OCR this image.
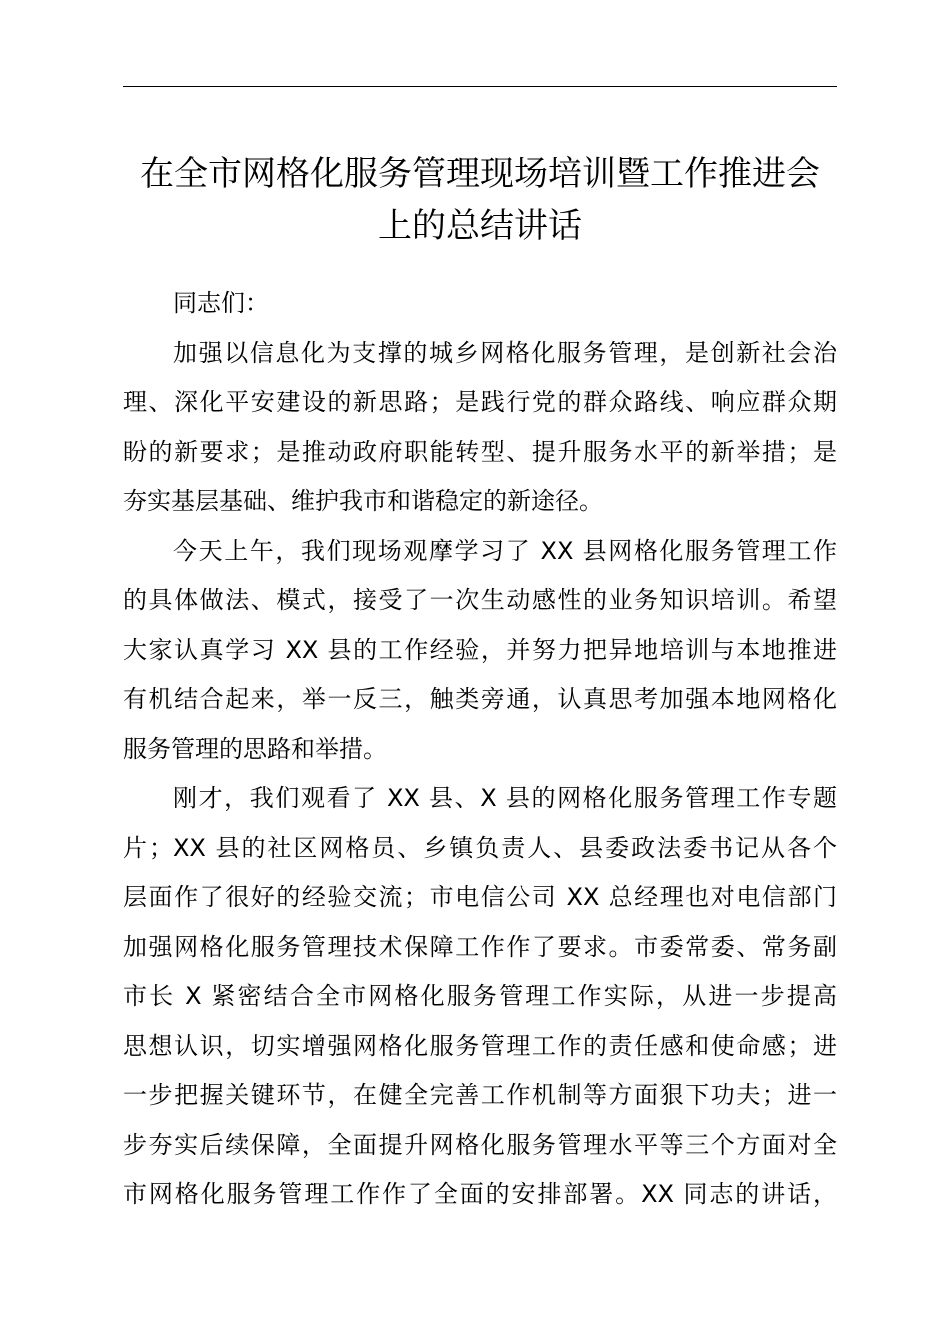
在全市网格化服务管理现场培训暨工作推进会
上的总结讲话
同志们：
加强以信息化为支撑的城乡网格化服务管理，是创新社会治
理、深化平安建设的新思路；是践行党的群众路线、响应群众期
盼的新要求；是推动政府职能转型、提升服务水平的新举措；是
夯实基层基础、维护我市和谐稳定的新途径。
今天上午，我们现场观摩学习了 XX 县网格化服务管理工作
的具体做法、模式，接受了一次生动感性的业务知识培训。希望
大家认真学习 XX 县的工作经验，并努力把异地培训与本地推进
有机结合起来，举一反三，触类旁通，认真思考加强本地网格化
服务管理的思路和举措。
刚才，我们观看了 XX 县、X 县的网格化服务管理工作专题
片；XX 县的社区网格员、乡镇负责人、县委政法委书记从各个
层面作了很好的经验交流；市电信公司 XX 总经理也对电信部门
加强网格化服务管理技术保障工作作了要求。市委常委、常务副
市长 X 紧密结合全市网格化服务管理工作实际，从进一步提高
思想认识，切实增强网格化服务管理工作的责任感和使命感；进
一步把握关键环节，在健全完善工作机制等方面狠下功夫；进一
步夯实后续保障，全面提升网格化服务管理水平等三个方面对全
市网格化服务管理工作作了全面的安排部署。XX 同志的讲话，
